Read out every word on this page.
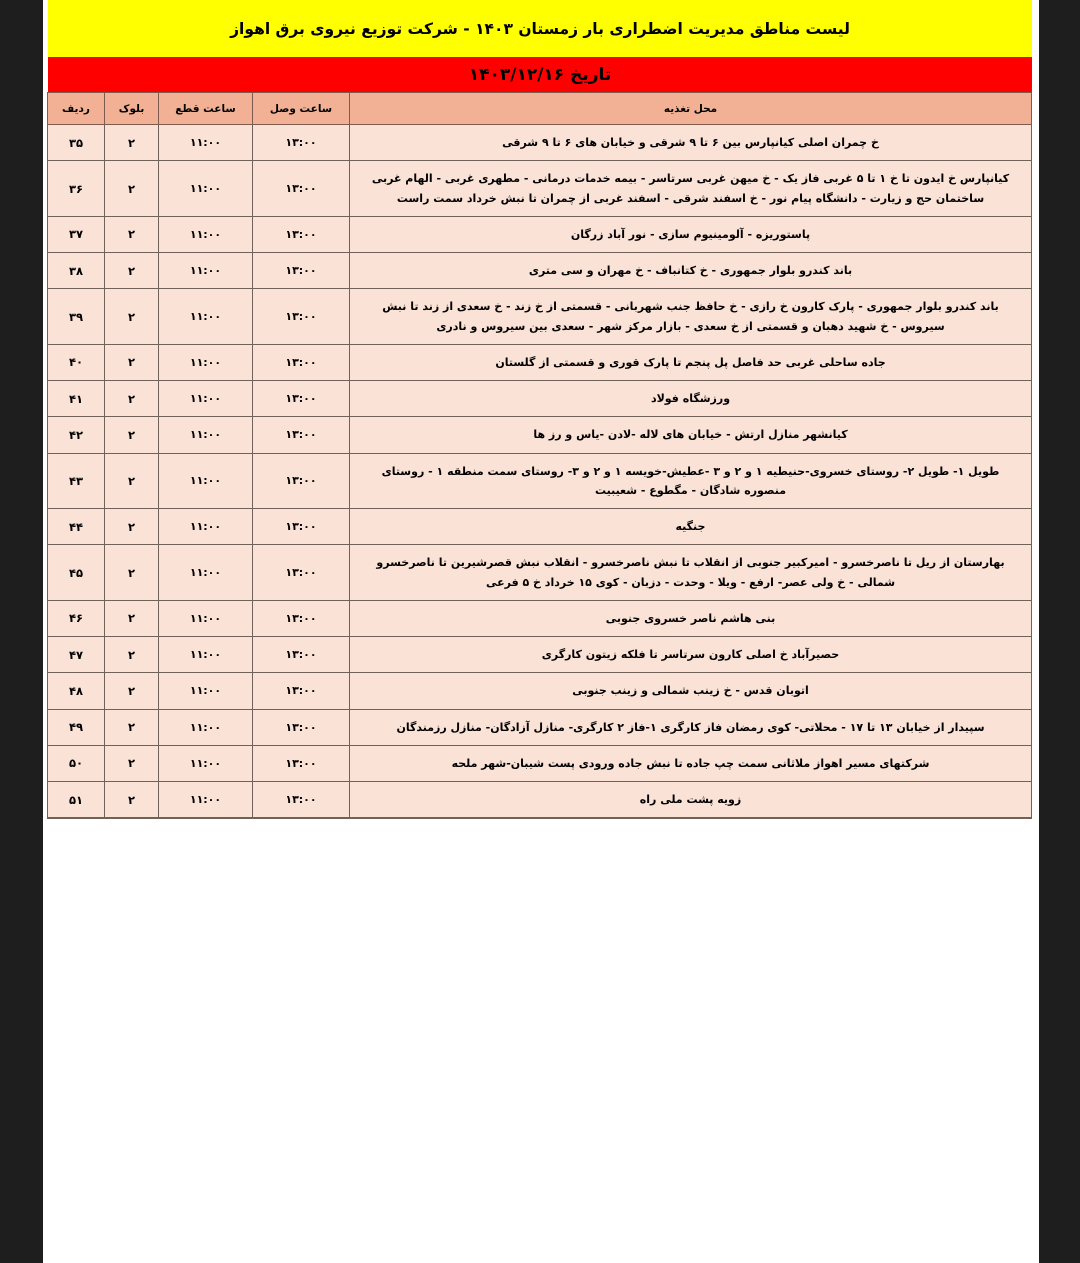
لیست مناطق مدیریت اضطراری بار زمستان ۱۴۰۳ - شرکت توزیع نیروی برق اهواز
تاریخ ۱۴۰۳/۱۲/۱۶
محل تغذیه	ساعت وصل	ساعت قطع	بلوک	ردیف
خ چمران اصلی کیانپارس بین ۶ تا ۹ شرقی و خیابان های ۶ تا ۹ شرقی	۱۳:۰۰	۱۱:۰۰	۲	۳۵
کیانپارس خ ایدون تا خ ۱ تا ۵ غربی فاز یک - خ میهن غربی سرتاسر - بیمه خدمات درمانی - مطهری غربی - الهام غربی ساختمان حج و زیارت - دانشگاه پیام نور - خ اسفند شرقی - اسفند غربی از چمران تا نبش خرداد سمت راست	۱۳:۰۰	۱۱:۰۰	۲	۳۶
پاستوریزه - آلومینیوم سازی - نور آباد زرگان	۱۳:۰۰	۱۱:۰۰	۲	۳۷
باند کندرو بلوار جمهوری - خ کتانباف - خ مهران و سی متری	۱۳:۰۰	۱۱:۰۰	۲	۳۸
باند کندرو بلوار جمهوری - پارک کارون خ رازی - خ حافظ جنب شهربانی - قسمتی از خ زند - خ سعدی از زند تا نبش سیروس - خ شهید دهبان و قسمتی از خ سعدی - بازار مرکز شهر - سعدی بین سیروس و نادری	۱۳:۰۰	۱۱:۰۰	۲	۳۹
جاده ساحلی غربی حد فاصل پل پنجم تا پارک قوری و قسمتی از گلستان	۱۳:۰۰	۱۱:۰۰	۲	۴۰
ورزشگاه فولاد	۱۳:۰۰	۱۱:۰۰	۲	۴۱
کیانشهر منازل ارتش - خیابان های لاله -لادن -یاس و رز ها	۱۳:۰۰	۱۱:۰۰	۲	۴۲
طویل ۱- طویل ۲- روستای خسروی-حنیطیه ۱ و ۲ و ۳ -عطیش-خویسه ۱ و ۲ و ۳- روستای سمت منطقه ۱ - روستای منصوره شادگان - مگطوع - شعیبیت	۱۳:۰۰	۱۱:۰۰	۲	۴۳
جنگیه	۱۳:۰۰	۱۱:۰۰	۲	۴۴
بهارستان از ریل تا ناصرخسرو - امیرکبیر جنوبی از انقلاب تا نبش ناصرخسرو - انقلاب نبش قصرشیرین تا ناصرخسرو شمالی - خ ولی عصر- ارفع - ویلا - وحدت - دزبان - کوی ۱۵ خرداد خ ۵ فرعی	۱۳:۰۰	۱۱:۰۰	۲	۴۵
بنی هاشم ناصر خسروی جنوبی	۱۳:۰۰	۱۱:۰۰	۲	۴۶
حصیرآباد خ اصلی کارون سرتاسر تا فلکه زیتون کارگری	۱۳:۰۰	۱۱:۰۰	۲	۴۷
اتوبان قدس - خ زینب شمالی و زینب جنوبی	۱۳:۰۰	۱۱:۰۰	۲	۴۸
سپیدار از خیابان ۱۳ تا ۱۷ - محلاتی- کوی رمضان فاز کارگری ۱-فاز ۲ کارگری- منازل آزادگان- منازل رزمندگان	۱۳:۰۰	۱۱:۰۰	۲	۴۹
شرکتهای مسیر اهواز ملاثانی سمت چپ جاده تا نبش جاده ورودی پست شیبان-شهر ملحه	۱۳:۰۰	۱۱:۰۰	۲	۵۰
زویه پشت ملی راه	۱۳:۰۰	۱۱:۰۰	۲	۵۱
